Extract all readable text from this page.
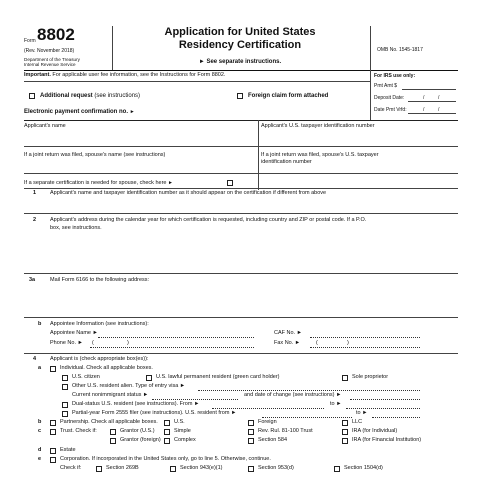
Form 8802
(Rev. November 2018)
Department of the Treasury
Internal Revenue Service
Application for United States
Residency Certification
► See separate instructions.
OMB No. 1545-1817
Important. For applicable user fee information, see the Instructions for Form 8802.	For IRS use only:
Pmt Amt $
Deposit Date:	/	/
Date Pmt Vrfd:	/	/
Additional request (see instructions)	Foreign claim form attached
Electronic payment confirmation no. ►
Applicant's name	Applicant's U.S. taxpayer identification number
If a joint return was filed, spouse's name (see instructions)	If a joint return was filed, spouse's U.S. taxpayer
identification number
If a separate certification is needed for spouse, check here ►
1	Applicant's name and taxpayer identification number as it should appear on the certification if different from above
2	Applicant's address during the calendar year for which certification is requested, including country and ZIP or postal code. If a P.O.
box, see instructions.
3a	Mail Form 6166 to the following address:
b Appointee Information (see instructions):
Appointee Name ►	CAF No. ►
Phone No. ► (	)	Fax No. ►	(	)
4	Applicant is (check appropriate box(es)):
a	Individual. Check all applicable boxes.
U.S. citizen	U.S. lawful permanent resident (green card holder)	Sole proprietor
Other U.S. resident alien. Type of entry visa ►
Current nonimmigrant status ►	and date of change (see instructions) ►
Dual-status U.S. resident (see instructions). From ►	to ►
Partial-year Form 2555 filer (see instructions). U.S. resident from ►	to ►
b	Partnership. Check all applicable boxes.	U.S.	Foreign	LLC
c	Trust. Check if:	Grantor (U.S.)	Simple	Rev. Rul. 81-100 Trust	IRA (for Individual)
Grantor (foreign) Complex	Section 584	IRA (for Financial Institution)
d	Estate
e	Corporation. If incorporated in the United States only, go to line 5. Otherwise, continue.
Check if:	Section 269B	Section 943(e)(1)	Section 953(d)	Section 1504(d)
